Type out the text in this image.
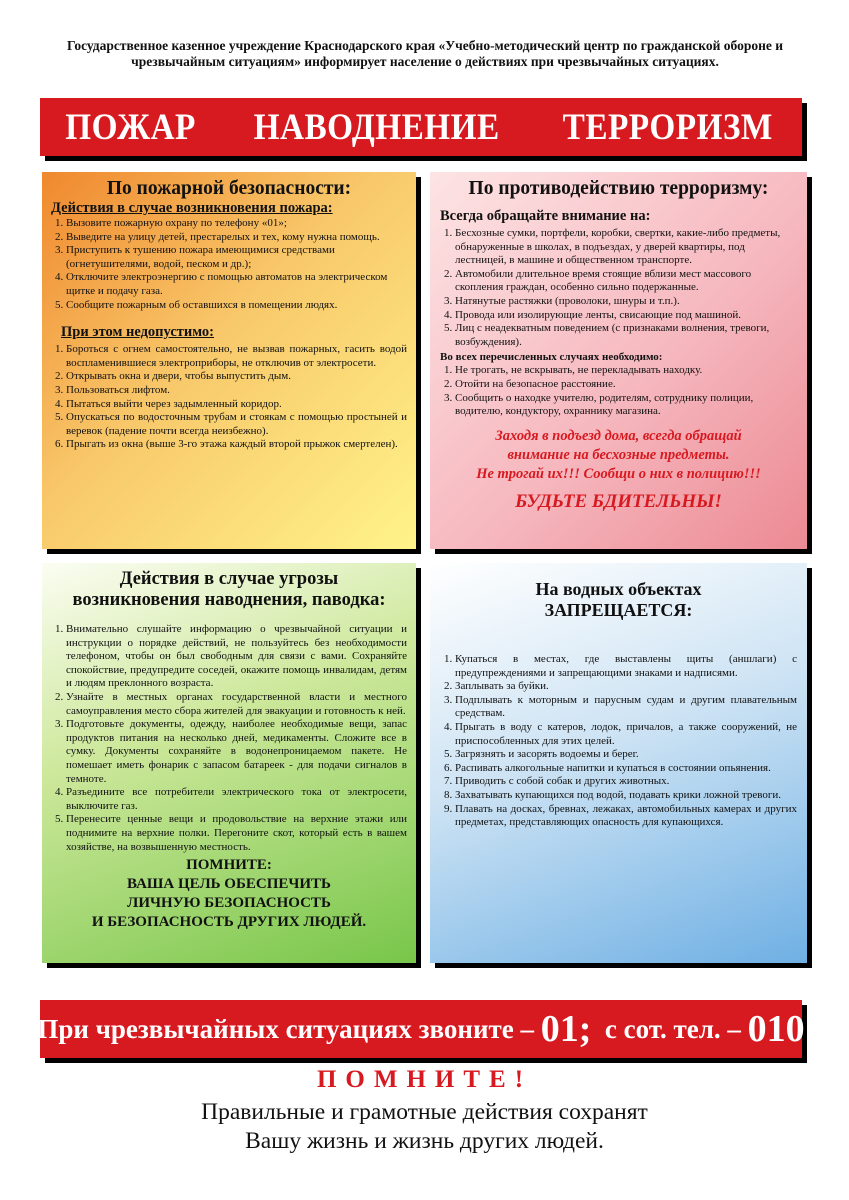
Государственное казенное учреждение Краснодарского края «Учебно-методический центр по гражданской обороне и чрезвычайным ситуациям» информирует население о действиях при чрезвычайных ситуациях.
ПОЖАР НАВОДНЕНИЕ ТЕРРОРИЗМ

По пожарной безопасности:

Действия в случае возникновения пожара:

1. Вызовите пожарную охрану по телефону «01»;
2. Выведите на улицу детей, престарелых и тех, кому нужна помощь.
3. Приступить к тушению пожара имеющимися средствами (огнетушителями, водой, песком и др.);
4. Отключите электроэнергию с помощью автоматов на электрическом щитке и подачу газа.
5. Сообщите пожарным об оставшихся в помещении людях.

При этом недопустимо:

1. Бороться с огнем самостоятельно, не вызвав пожарных, гасить водой воспламенившиеся электроприборы, не отключив от электросети.
2. Открывать окна и двери, чтобы выпустить дым.
3. Пользоваться лифтом.
4. Пытаться выйти через задымленный коридор.
5. Опускаться по водосточным трубам и стоякам с помощью простыней и веревок (падение почти всегда неизбежно).
6. Прыгать из окна (выше 3-го этажа каждый второй прыжок смертелен).

По противодействию терроризму:

Всегда обращайте внимание на:

1. Бесхозные сумки, портфели, коробки, свертки, какие-либо предметы, обнаруженные в школах, в подъездах, у дверей квартиры, под лестницей, в машине и общественном транспорте.
2. Автомобили длительное время стоящие вблизи мест массового скопления граждан, особенно сильно подержанные.
3. Натянутые растяжки (проволоки, шнуры и т.п.).
4. Провода или изолирующие ленты, свисающие под машиной.
5. Лиц с неадекватным поведением (с признаками волнения, тревоги, возбуждения).

Во всех перечисленных случаях необходимо:

1. Не трогать, не вскрывать, не перекладывать находку.
2. Отойти на безопасное расстояние.
3. Сообщить о находке учителю, родителям, сотруднику полиции, водителю, кондуктору, охраннику магазина.

Заходя в подъезд дома, всегда обращай
внимание на бесхозные предметы.
Не трогай их!!! Сообщи о них в полицию!!!

БУДЬТЕ БДИТЕЛЬНЫ!

Действия в случае угрозы
возникновения наводнения, паводка:

1. Внимательно слушайте информацию о чрезвычайной ситуации и инструкции о порядке действий, не пользуйтесь без необходимости телефоном, чтобы он был свободным для связи с вами. Сохраняйте спокойствие, предупредите соседей, окажите помощь инвалидам, детям и людям преклонного возраста.
2. Узнайте в местных органах государственной власти и местного самоуправления место сбора жителей для эвакуации и готовность к ней.
3. Подготовьте документы, одежду, наиболее необходимые вещи, запас продуктов питания на несколько дней, медикаменты. Сложите все в сумку. Документы сохраняйте в водонепроницаемом пакете. Не помешает иметь фонарик с запасом батареек - для подачи сигналов в темноте.
4. Разъедините все потребители электрического тока от электросети, выключите газ.
5. Перенесите ценные вещи и продовольствие на верхние этажи или поднимите на верхние полки. Перегоните скот, который есть в вашем хозяйстве, на возвышенную местность.

ПОМНИТЕ:
ВАША ЦЕЛЬ ОБЕСПЕЧИТЬ
ЛИЧНУЮ БЕЗОПАСНОСТЬ
И БЕЗОПАСНОСТЬ ДРУГИХ ЛЮДЕЙ.

На водных объектах
ЗАПРЕЩАЕТСЯ:

1. Купаться в местах, где выставлены щиты (аншлаги) с предупреждениями и запрещающими знаками и надписями.
2. Заплывать за буйки.
3. Подплывать к моторным и парусным судам и другим плавательным средствам.
4. Прыгать в воду с катеров, лодок, причалов, а также сооружений, не приспособленных для этих целей.
5. Загрязнять и засорять водоемы и берег.
6. Распивать алкогольные напитки и купаться в состоянии опьянения.
7. Приводить с собой собак и других животных.
8. Захватывать купающихся под водой, подавать крики ложной тревоги.
9. Плавать на досках, бревнах, лежаках, автомобильных камерах и других предметах, представляющих опасность для купающихся.
При чрезвычайных ситуациях звоните –
01;
с сот. тел. –
010
ПОМНИТЕ!
Правильные и грамотные действия сохранят
Вашу жизнь и жизнь других людей.
